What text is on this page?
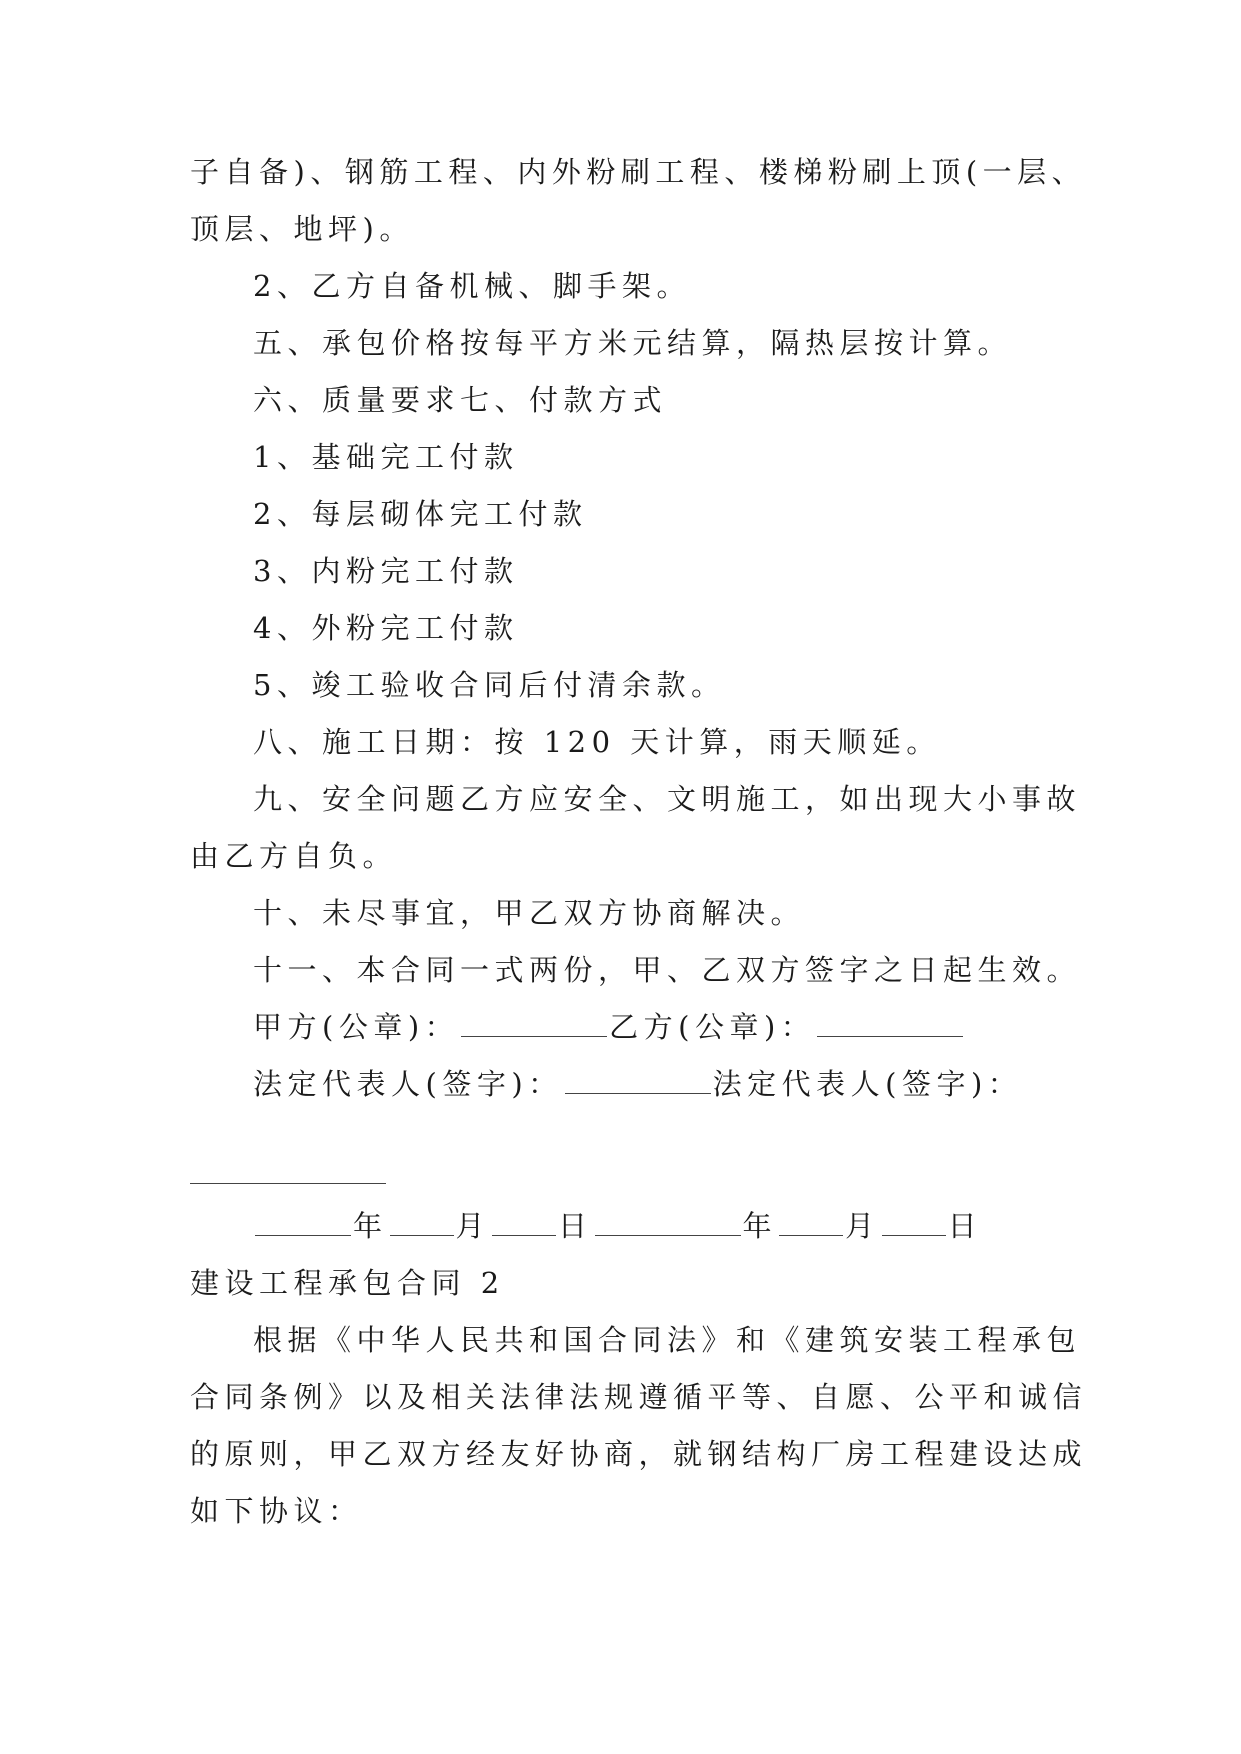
子自备)、钢筋工程、内外粉刷工程、楼梯粉刷上顶(一层、
顶层、地坪)。
2、乙方自备机械、脚手架。
五、承包价格按每平方米元结算，隔热层按计算。
六、质量要求七、付款方式
1、基础完工付款
2、每层砌体完工付款
3、内粉完工付款
4、外粉完工付款
5、竣工验收合同后付清余款。
八、施工日期：按 120 天计算，雨天顺延。
九、安全问题乙方应安全、文明施工，如出现大小事故
由乙方自负。
十、未尽事宜，甲乙双方协商解决。
十一、本合同一式两份，甲、乙双方签字之日起生效。
甲方(公章)：	乙方(公章)：
法定代表人(签字)：	法定代表人(签字)：
年 月 日	年 月 日
建设工程承包合同 2
根据《中华人民共和国合同法》和《建筑安装工程承包
合同条例》以及相关法律法规遵循平等、自愿、公平和诚信
的原则，甲乙双方经友好协商，就钢结构厂房工程建设达成
如下协议：
